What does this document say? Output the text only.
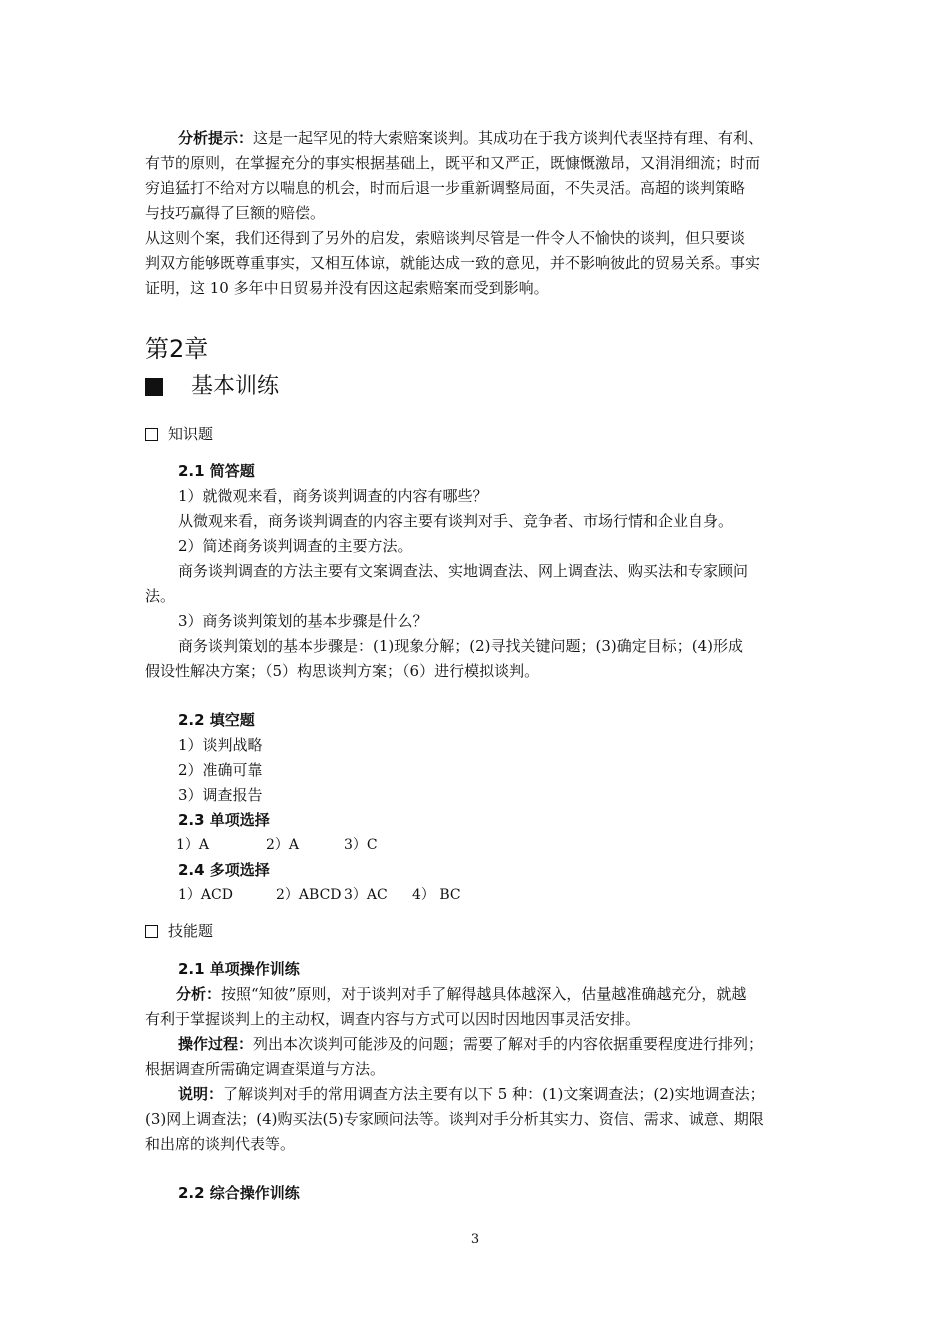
分析提示：这是一起罕见的特大索赔案谈判。其成功在于我方谈判代表坚持有理、有利、
有节的原则，在掌握充分的事实根据基础上，既平和又严正，既慷慨激昂，又涓涓细流；时而
穷追猛打不给对方以喘息的机会，时而后退一步重新调整局面，不失灵活。高超的谈判策略
与技巧赢得了巨额的赔偿。
从这则个案，我们还得到了另外的启发，索赔谈判尽管是一件令人不愉快的谈判，但只要谈
判双方能够既尊重事实，又相互体谅，就能达成一致的意见，并不影响彼此的贸易关系。事实
证明，这 10 多年中日贸易并没有因这起索赔案而受到影响。
第2章
基本训练
知识题
2.1 简答题
1）就微观来看，商务谈判调查的内容有哪些？
从微观来看，商务谈判调查的内容主要有谈判对手、竞争者、市场行情和企业自身。
2）简述商务谈判调查的主要方法。
商务谈判调查的方法主要有文案调查法、实地调查法、网上调查法、购买法和专家顾问
法。
3）商务谈判策划的基本步骤是什么？
商务谈判策划的基本步骤是：(1)现象分解；(2)寻找关键问题；(3)确定目标；(4)形成
假设性解决方案；（5）构思谈判方案；（6）进行模拟谈判。
2.2 填空题
1）谈判战略
2）准确可靠
3）调查报告
2.3 单项选择
1）A	2）A	3）C
2.4 多项选择
1）ACD	2）ABCD 3）AC 4） BC
技能题
2.1 单项操作训练
分析：按照“知彼”原则，对于谈判对手了解得越具体越深入，估量越准确越充分，就越
有利于掌握谈判上的主动权，调查内容与方式可以因时因地因事灵活安排。
操作过程：列出本次谈判可能涉及的问题；需要了解对手的内容依据重要程度进行排列；
根据调查所需确定调查渠道与方法。
说明：了解谈判对手的常用调查方法主要有以下 5 种：(1)文案调查法；(2)实地调查法；
(3)网上调查法；(4)购买法(5)专家顾问法等。谈判对手分析其实力、资信、需求、诚意、期限
和出席的谈判代表等。
2.2 综合操作训练
3
